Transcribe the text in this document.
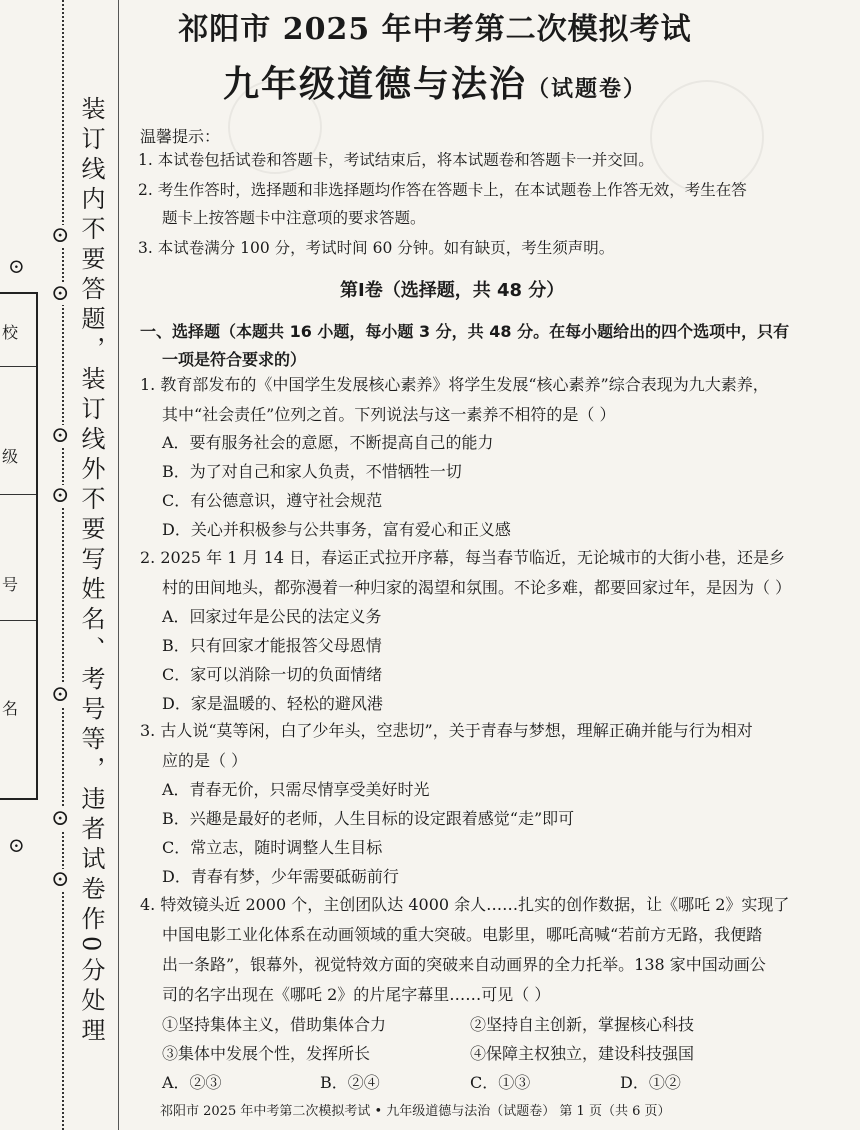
校
级
号
名
⊙
⊙
⊙
⊙
⊙
⊙
⊙
⊙
⊙ 装订线内不要答题，装订线外不要写姓名、考号等，违者试卷作0分处理
祁阳市 2025 年中考第二次模拟考试
九年级道德与法治（试题卷）
温馨提示：
1. 本试卷包括试卷和答题卡，考试结束后，将本试题卷和答题卡一并交回。
2. 考生作答时，选择题和非选择题均作答在答题卡上，在本试题卷上作答无效，考生在答
题卡上按答题卡中注意项的要求答题。
3. 本试卷满分 100 分，考试时间 60 分钟。如有缺页，考生须声明。
第Ⅰ卷（选择题，共 48 分）
一、选择题（本题共 16 小题，每小题 3 分，共 48 分。在每小题给出的四个选项中，只有
一项是符合要求的）
1. 教育部发布的《中国学生发展核心素养》将学生发展“核心素养”综合表现为九大素养，
其中“社会责任”位列之首。下列说法与这一素养不相符的是（ ）
A．要有服务社会的意愿，不断提高自己的能力
B．为了对自己和家人负责，不惜牺牲一切
C．有公德意识，遵守社会规范
D．关心并积极参与公共事务，富有爱心和正义感
2. 2025 年 1 月 14 日，春运正式拉开序幕，每当春节临近，无论城市的大街小巷，还是乡
村的田间地头，都弥漫着一种归家的渴望和氛围。不论多难，都要回家过年，是因为（ ）
A．回家过年是公民的法定义务
B．只有回家才能报答父母恩情
C．家可以消除一切的负面情绪
D．家是温暖的、轻松的避风港
3. 古人说“莫等闲，白了少年头，空悲切”，关于青春与梦想，理解正确并能与行为相对
应的是（ ）
A．青春无价，只需尽情享受美好时光
B．兴趣是最好的老师，人生目标的设定跟着感觉“走”即可
C．常立志，随时调整人生目标
D．青春有梦，少年需要砥砺前行
4. 特效镜头近 2000 个，主创团队达 4000 余人……扎实的创作数据，让《哪吒 2》实现了
中国电影工业化体系在动画领域的重大突破。电影里，哪吒高喊“若前方无路，我便踏
出一条路”，银幕外，视觉特效方面的突破来自动画界的全力托举。138 家中国动画公
司的名字出现在《哪吒 2》的片尾字幕里……可见（ ）
①坚持集体主义，借助集体合力	②坚持自主创新，掌握核心科技
③集体中发展个性，发挥所长	④保障主权独立，建设科技强国
A．②③	B．②④	C．①③	D．①②
祁阳市 2025 年中考第二次模拟考试 • 九年级道德与法治（试题卷） 第 1 页（共 6 页）
